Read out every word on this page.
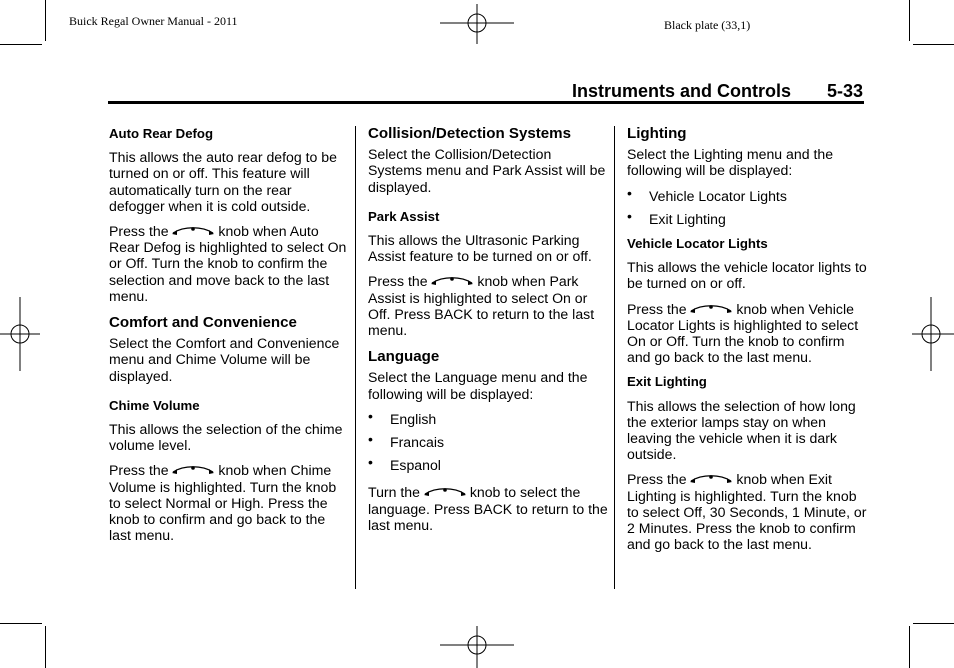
Buick Regal Owner Manual - 2011	Black plate (33,1)
Instruments and Controls 5-33
Auto Rear Defog

This allows the auto rear defog to be turned on or off. This feature will automatically turn on the rear defogger when it is cold outside.

Press the	knob when Auto Rear Defog is highlighted to select On or Off. Turn the knob to confirm the selection and move back to the last menu.

Comfort and Convenience

Select the Comfort and Convenience menu and Chime Volume will be displayed.

Chime Volume

This allows the selection of the chime volume level.

Press the	knob when Chime Volume is highlighted. Turn the knob to select Normal or High. Press the knob to confirm and go back to the last menu.

Collision/Detection Systems

Select the Collision/Detection Systems menu and Park Assist will be displayed.

Park Assist

This allows the Ultrasonic Parking Assist feature to be turned on or off.

Press the	knob when Park Assist is highlighted to select On or Off. Press BACK to return to the last menu.

Language

Select the Language menu and the following will be displayed:

• English
• Francais
• Espanol

Turn the	knob to select the language. Press BACK to return to the last menu.

Lighting

Select the Lighting menu and the following will be displayed:

• Vehicle Locator Lights
• Exit Lighting
Vehicle Locator Lights

This allows the vehicle locator lights to be turned on or off.

Press the	knob when Vehicle Locator Lights is highlighted to select On or Off. Turn the knob to confirm and go back to the last menu.

Exit Lighting

This allows the selection of how long the exterior lamps stay on when leaving the vehicle when it is dark outside.

Press the	knob when Exit Lighting is highlighted. Turn the knob to select Off, 30 Seconds, 1 Minute, or 2 Minutes. Press the knob to confirm and go back to the last menu.
